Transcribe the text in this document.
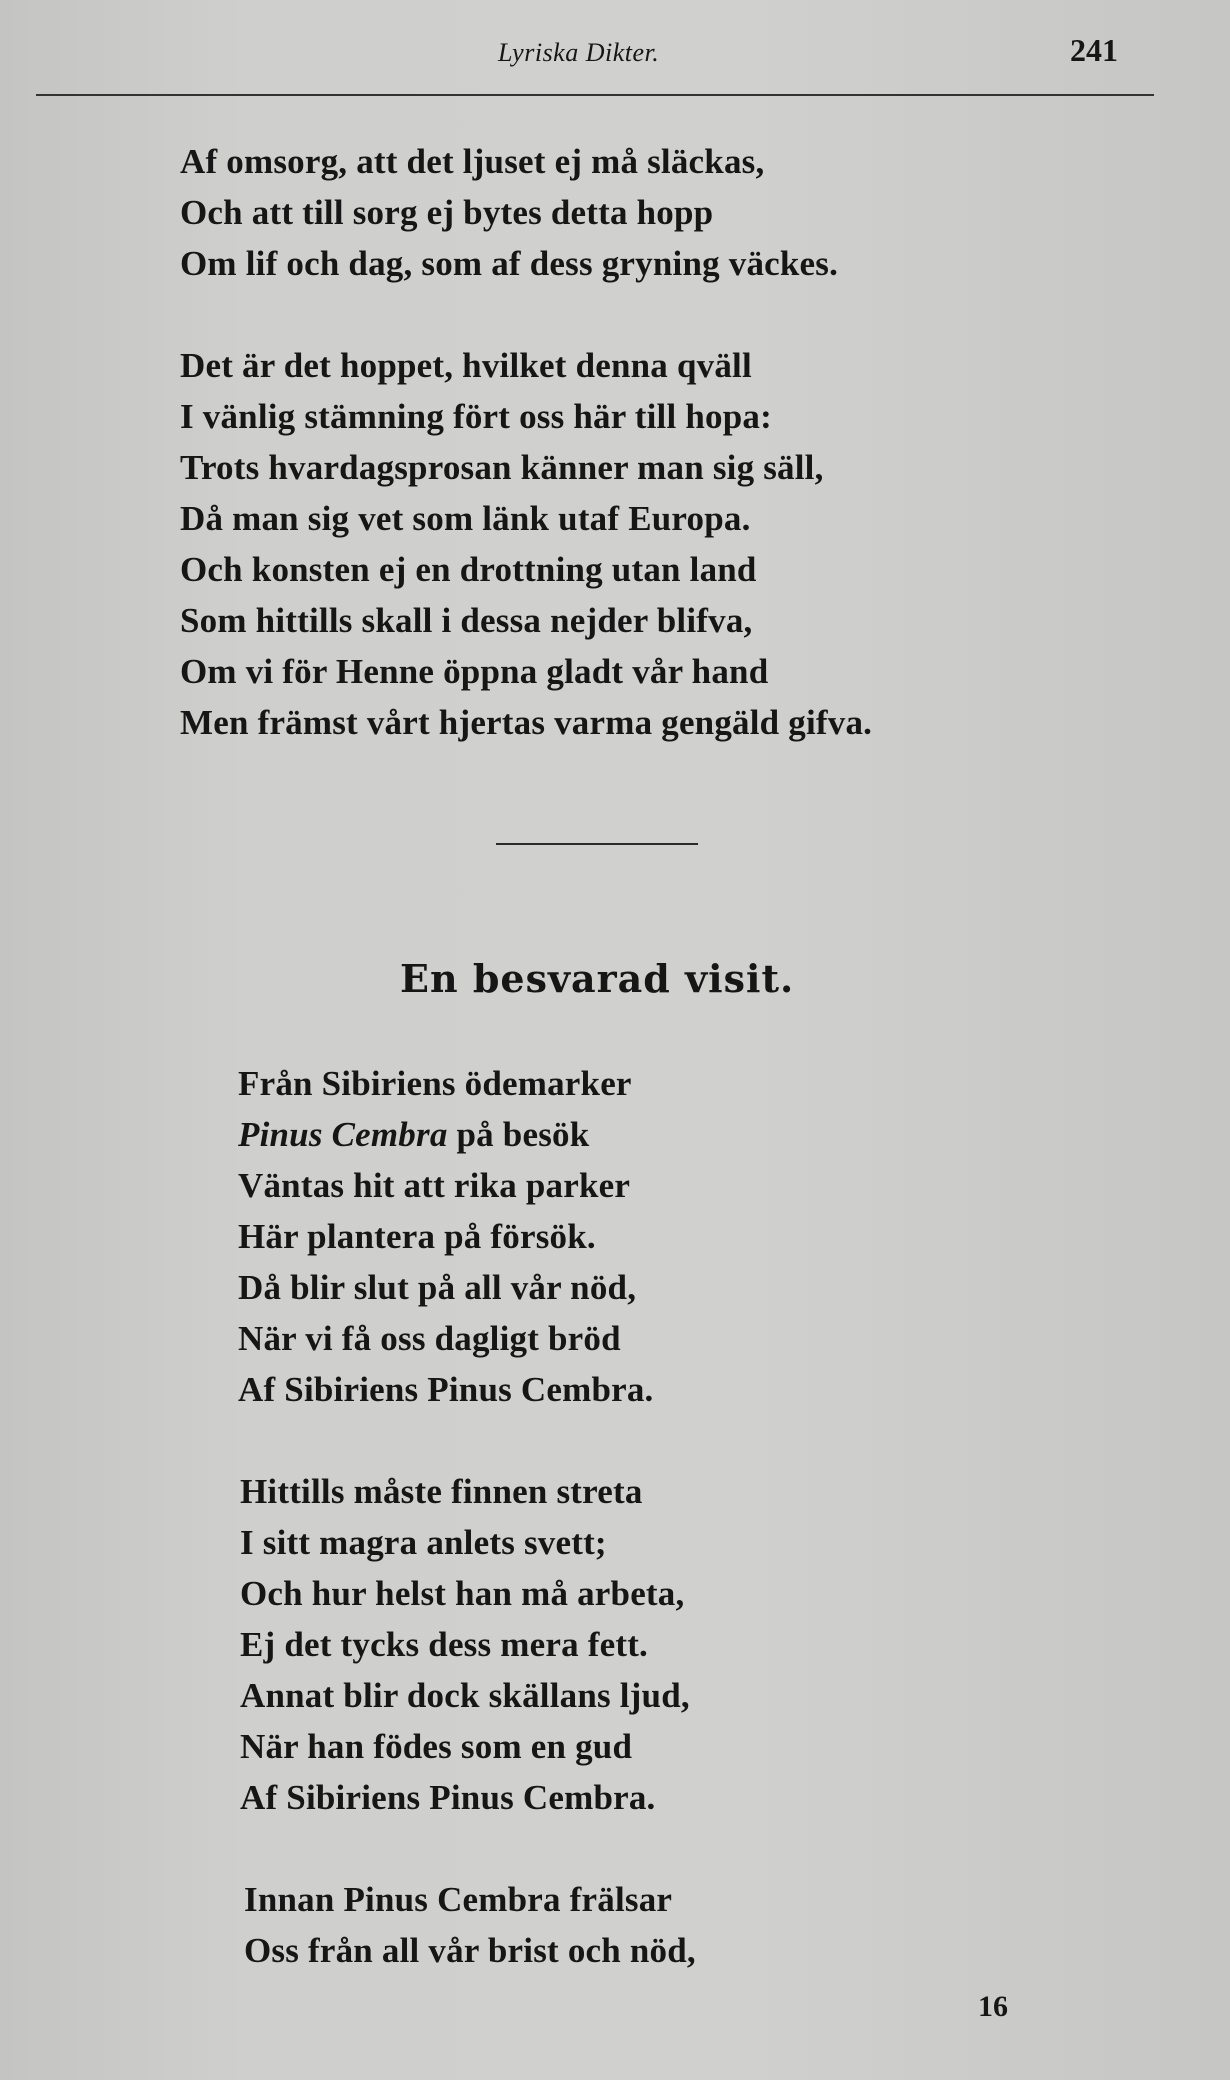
Lyriska Dikter.	241
Af omsorg, att det ljuset ej må släckas,
Och att till sorg ej bytes detta hopp
Om lif och dag, som af dess gryning väckes.
Det är det hoppet, hvilket denna qväll
I vänlig stämning fört oss här till hopa:
Trots hvardagsprosan känner man sig säll,
Då man sig vet som länk utaf Europa.
Och konsten ej en drottning utan land
Som hittills skall i dessa nejder blifva,
Om vi för Henne öppna gladt vår hand
Men främst vårt hjertas varma gengäld gifva.
En besvarad visit.
Från Sibiriens ödemarker
Pinus Cembra på besök
Väntas hit att rika parker
Här plantera på försök.
Då blir slut på all vår nöd,
När vi få oss dagligt bröd
Af Sibiriens Pinus Cembra.
Hittills måste finnen streta
I sitt magra anlets svett;
Och hur helst han må arbeta,
Ej det tycks dess mera fett.
Annat blir dock skällans ljud,
När han födes som en gud
Af Sibiriens Pinus Cembra.
Innan Pinus Cembra frälsar
Oss från all vår brist och nöd,
16
